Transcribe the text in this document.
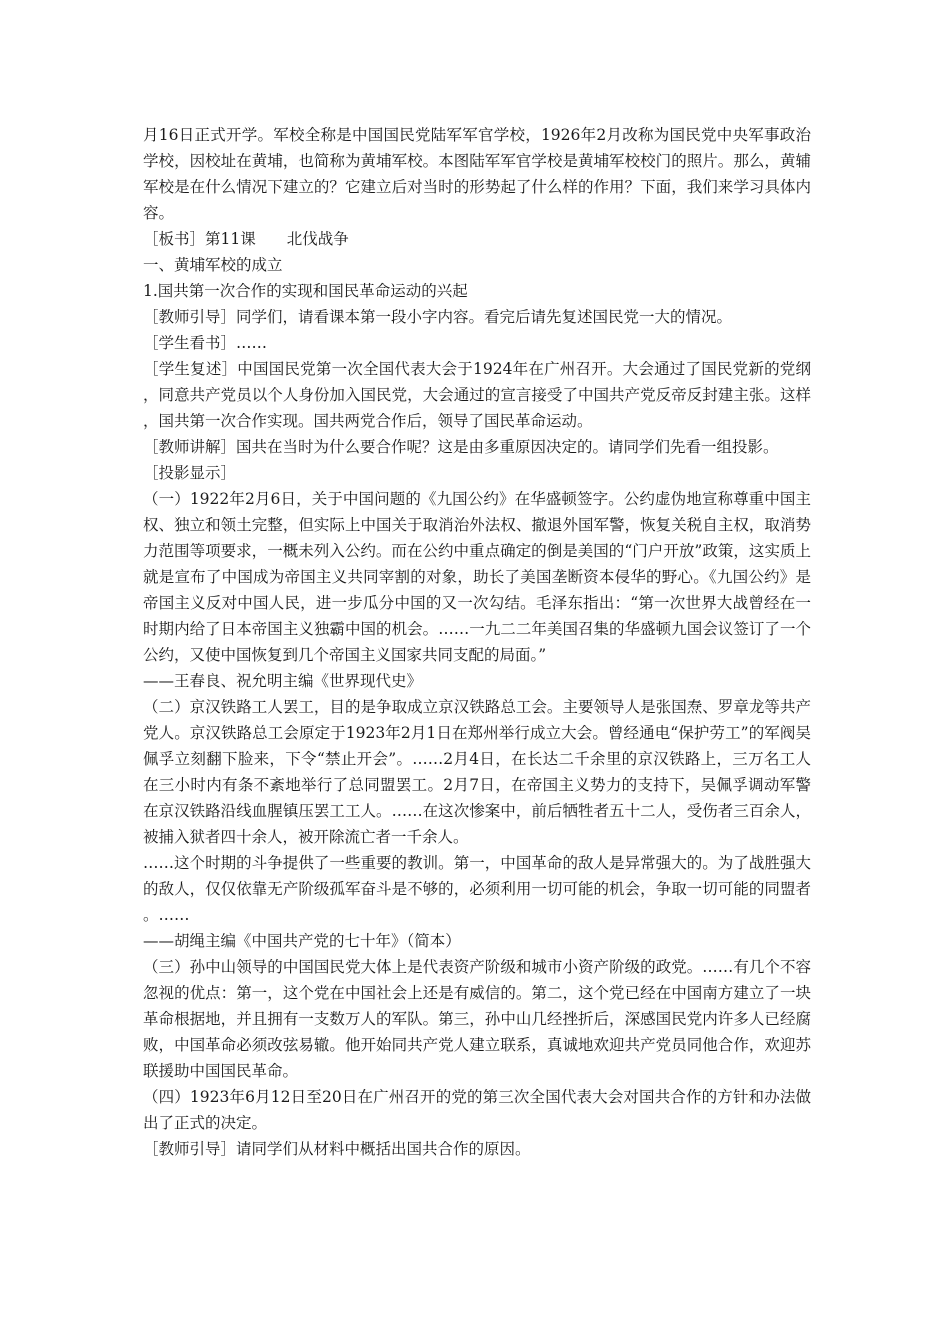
月16日正式开学。军校全称是中国国民党陆军军官学校，1926年2月改称为国民党中央军事政治学校，因校址在黄埔，也简称为黄埔军校。本图陆军军官学校是黄埔军校校门的照片。那么，黄辅军校是在什么情况下建立的？它建立后对当时的形势起了什么样的作用？下面，我们来学习具体内容。

［板书］第11课　　北伐战争

一、黄埔军校的成立

1.国共第一次合作的实现和国民革命运动的兴起

［教师引导］同学们，请看课本第一段小字内容。看完后请先复述国民党一大的情况。

［学生看书］……

［学生复述］中国国民党第一次全国代表大会于1924年在广州召开。大会通过了国民党新的党纲，同意共产党员以个人身份加入国民党，大会通过的宣言接受了中国共产党反帝反封建主张。这样，国共第一次合作实现。国共两党合作后，领导了国民革命运动。

［教师讲解］国共在当时为什么要合作呢？这是由多重原因决定的。请同学们先看一组投影。

［投影显示］

（一）1922年2月6日，关于中国问题的《九国公约》在华盛顿签字。公约虚伪地宣称尊重中国主权、独立和领土完整，但实际上中国关于取消治外法权、撤退外国军警，恢复关税自主权，取消势力范围等项要求，一概未列入公约。而在公约中重点确定的倒是美国的“门户开放”政策，这实质上就是宣布了中国成为帝国主义共同宰割的对象，助长了美国垄断资本侵华的野心。《九国公约》是帝国主义反对中国人民，进一步瓜分中国的又一次勾结。毛泽东指出：“第一次世界大战曾经在一时期内给了日本帝国主义独霸中国的机会。……一九二二年美国召集的华盛顿九国会议签订了一个公约，又使中国恢复到几个帝国主义国家共同支配的局面。”

——王春良、祝允明主编《世界现代史》

（二）京汉铁路工人罢工，目的是争取成立京汉铁路总工会。主要领导人是张国焘、罗章龙等共产党人。京汉铁路总工会原定于1923年2月1日在郑州举行成立大会。曾经通电“保护劳工”的军阀吴佩孚立刻翻下脸来，下令“禁止开会”。……2月4日，在长达二千余里的京汉铁路上，三万名工人在三小时内有条不紊地举行了总同盟罢工。2月7日，在帝国主义势力的支持下，吴佩孚调动军警在京汉铁路沿线血腥镇压罢工工人。……在这次惨案中，前后牺牲者五十二人，受伤者三百余人，被捕入狱者四十余人，被开除流亡者一千余人。

……这个时期的斗争提供了一些重要的教训。第一，中国革命的敌人是异常强大的。为了战胜强大的敌人，仅仅依靠无产阶级孤军奋斗是不够的，必须利用一切可能的机会，争取一切可能的同盟者。……

——胡绳主编《中国共产党的七十年》（简本）

（三）孙中山领导的中国国民党大体上是代表资产阶级和城市小资产阶级的政党。……有几个不容忽视的优点：第一，这个党在中国社会上还是有威信的。第二，这个党已经在中国南方建立了一块革命根据地，并且拥有一支数万人的军队。第三，孙中山几经挫折后，深感国民党内许多人已经腐败，中国革命必须改弦易辙。他开始同共产党人建立联系，真诚地欢迎共产党员同他合作，欢迎苏联援助中国国民革命。

（四）1923年6月12日至20日在广州召开的党的第三次全国代表大会对国共合作的方针和办法做出了正式的决定。

［教师引导］请同学们从材料中概括出国共合作的原因。
